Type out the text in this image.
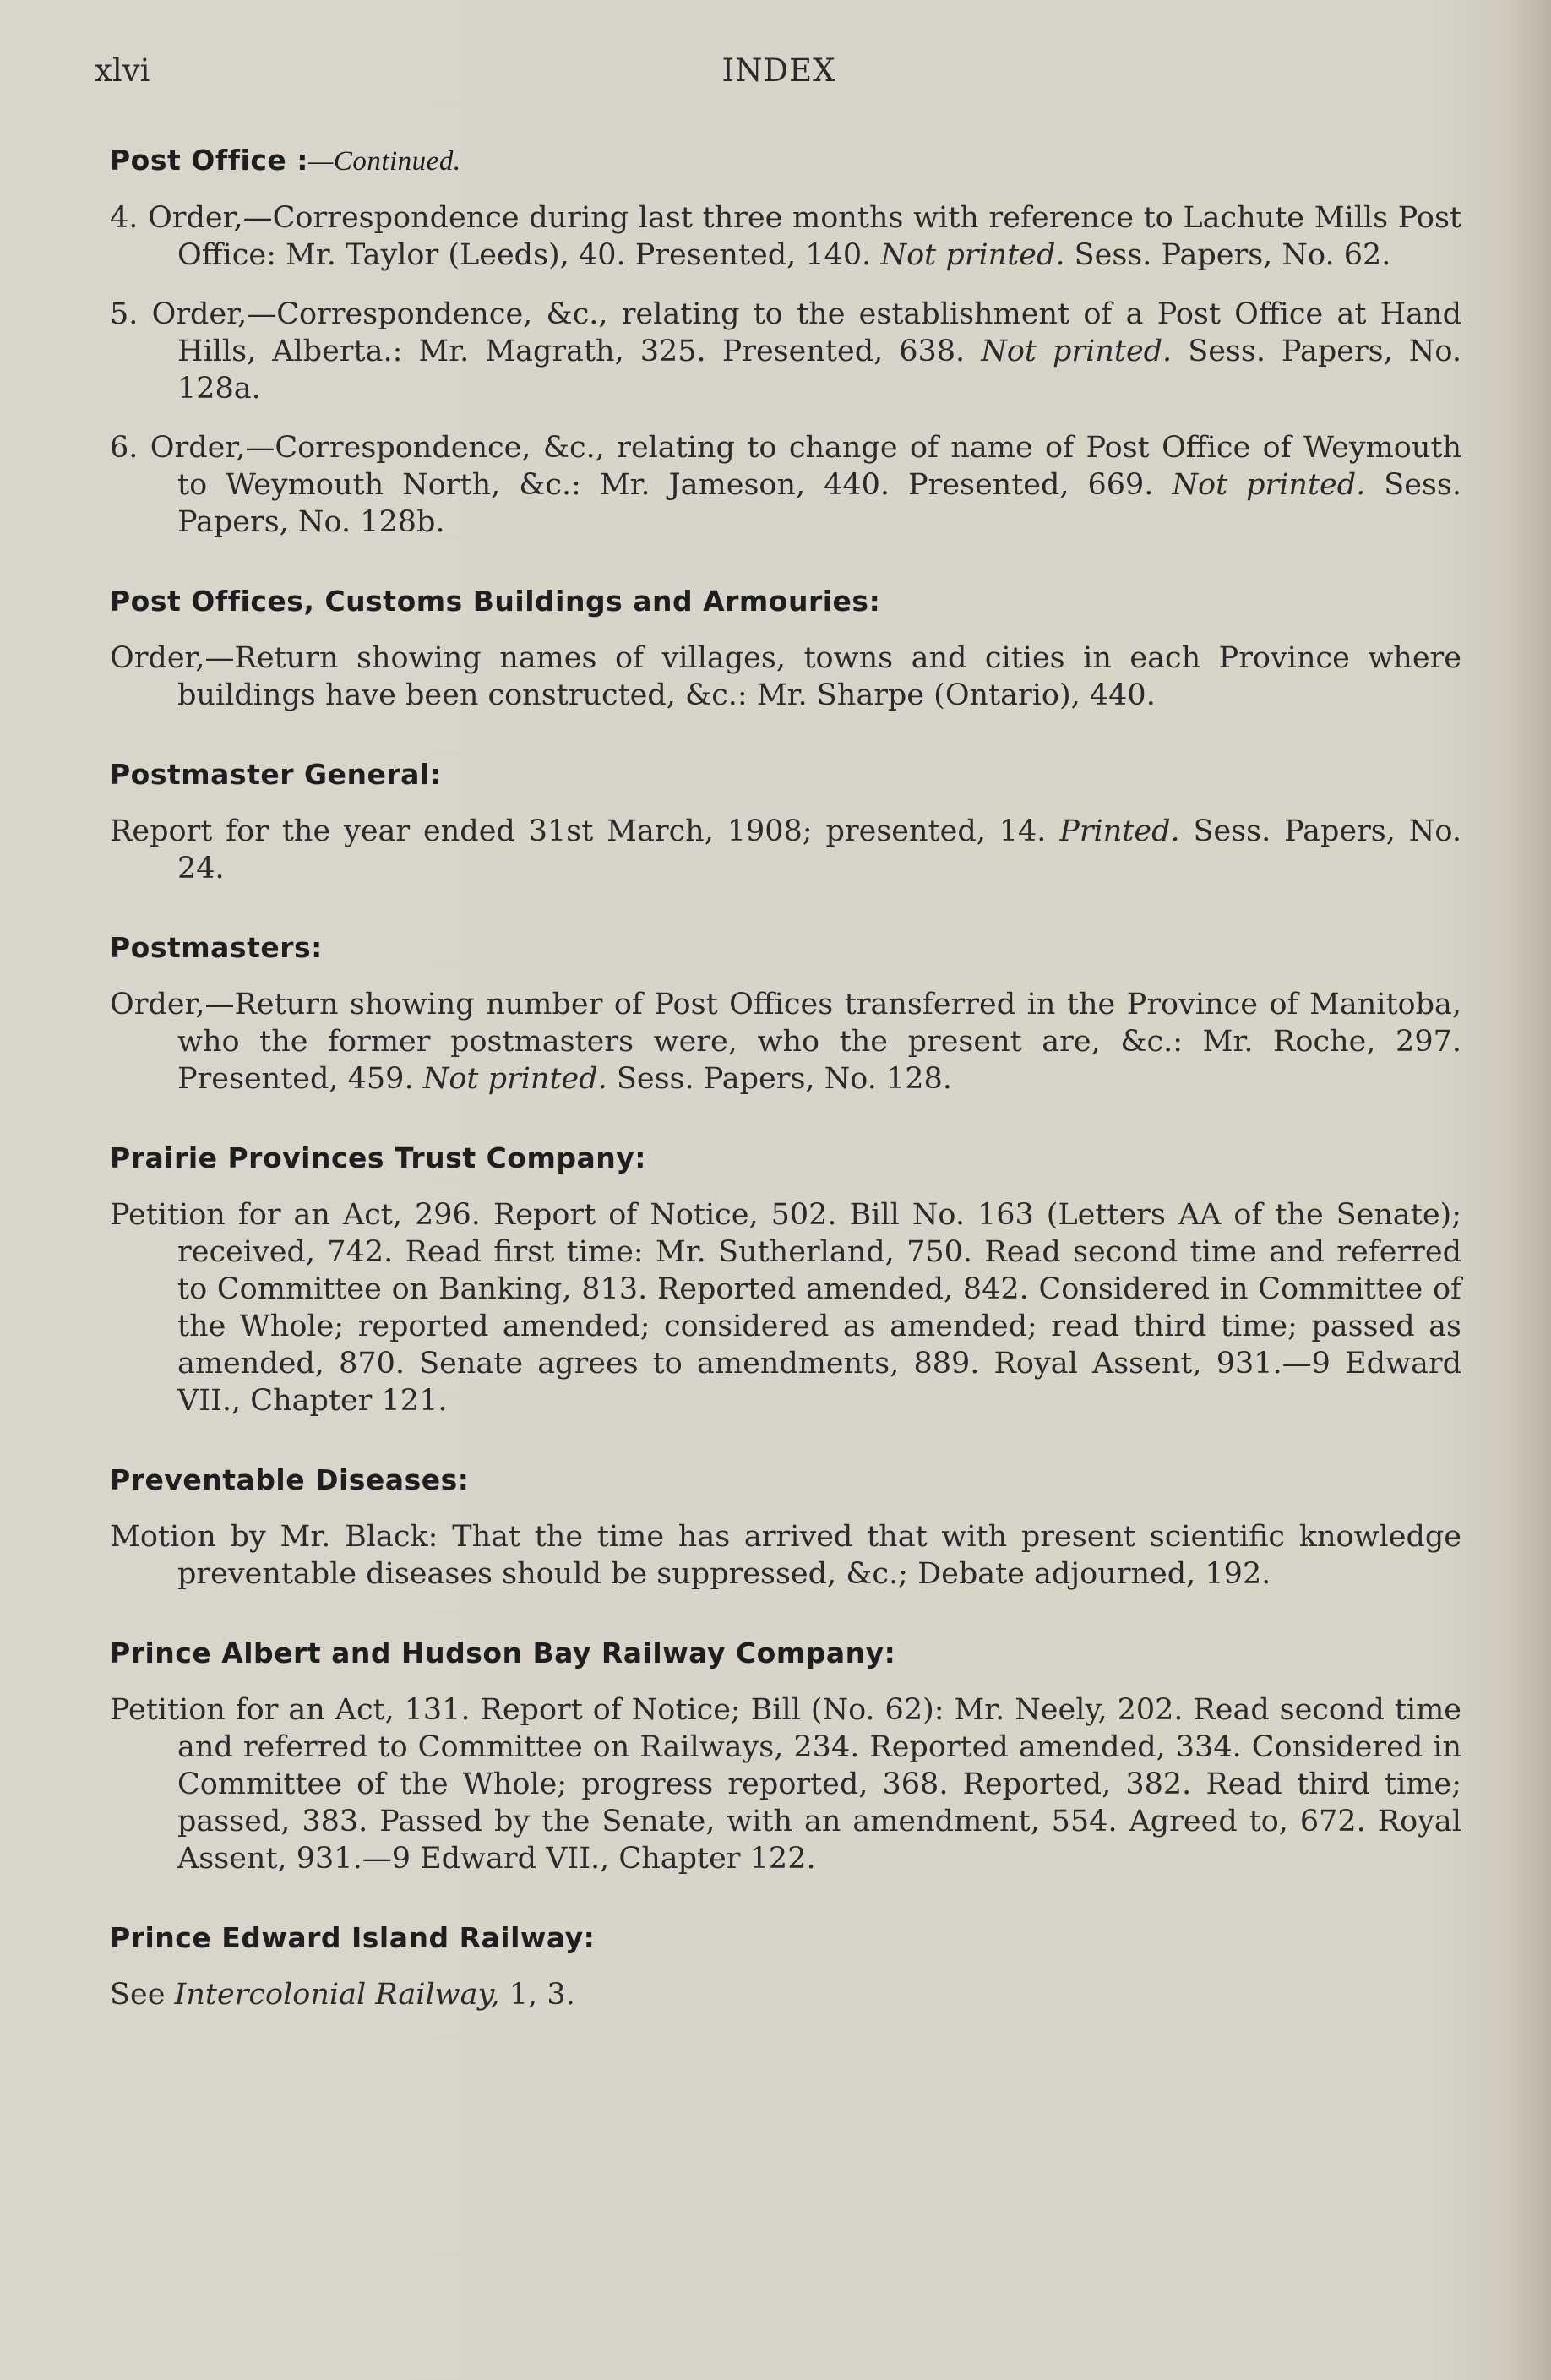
xlvi	INDEX
Post Office :—Continued.

4. Order,—Correspondence during last three months with reference to Lachute Mills Post Office: Mr. Taylor (Leeds), 40. Presented, 140. Not printed. Sess. Papers, No. 62.

5. Order,—Correspondence, &c., relating to the establishment of a Post Office at Hand Hills, Alberta.: Mr. Magrath, 325. Presented, 638. Not printed. Sess. Papers, No. 128a.

6. Order,—Correspondence, &c., relating to change of name of Post Office of Weymouth to Weymouth North, &c.: Mr. Jameson, 440. Presented, 669. Not printed. Sess. Papers, No. 128b.

Post Offices, Customs Buildings and Armouries:

Order,—Return showing names of villages, towns and cities in each Province where buildings have been constructed, &c.: Mr. Sharpe (Ontario), 440.

Postmaster General:

Report for the year ended 31st March, 1908; presented, 14. Printed. Sess. Papers, No. 24.

Postmasters:

Order,—Return showing number of Post Offices transferred in the Province of Manitoba, who the former postmasters were, who the present are, &c.: Mr. Roche, 297. Presented, 459. Not printed. Sess. Papers, No. 128.

Prairie Provinces Trust Company:

Petition for an Act, 296. Report of Notice, 502. Bill No. 163 (Letters AA of the Senate); received, 742. Read first time: Mr. Sutherland, 750. Read second time and referred to Committee on Banking, 813. Reported amended, 842. Considered in Committee of the Whole; reported amended; considered as amended; read third time; passed as amended, 870. Senate agrees to amendments, 889. Royal Assent, 931.—9 Edward VII., Chapter 121.

Preventable Diseases:

Motion by Mr. Black: That the time has arrived that with present scientific knowledge preventable diseases should be suppressed, &c.; Debate adjourned, 192.

Prince Albert and Hudson Bay Railway Company:

Petition for an Act, 131. Report of Notice; Bill (No. 62): Mr. Neely, 202. Read second time and referred to Committee on Railways, 234. Reported amended, 334. Considered in Committee of the Whole; progress reported, 368. Reported, 382. Read third time; passed, 383. Passed by the Senate, with an amendment, 554. Agreed to, 672. Royal Assent, 931.—9 Edward VII., Chapter 122.

Prince Edward Island Railway:

See Intercolonial Railway, 1, 3.
